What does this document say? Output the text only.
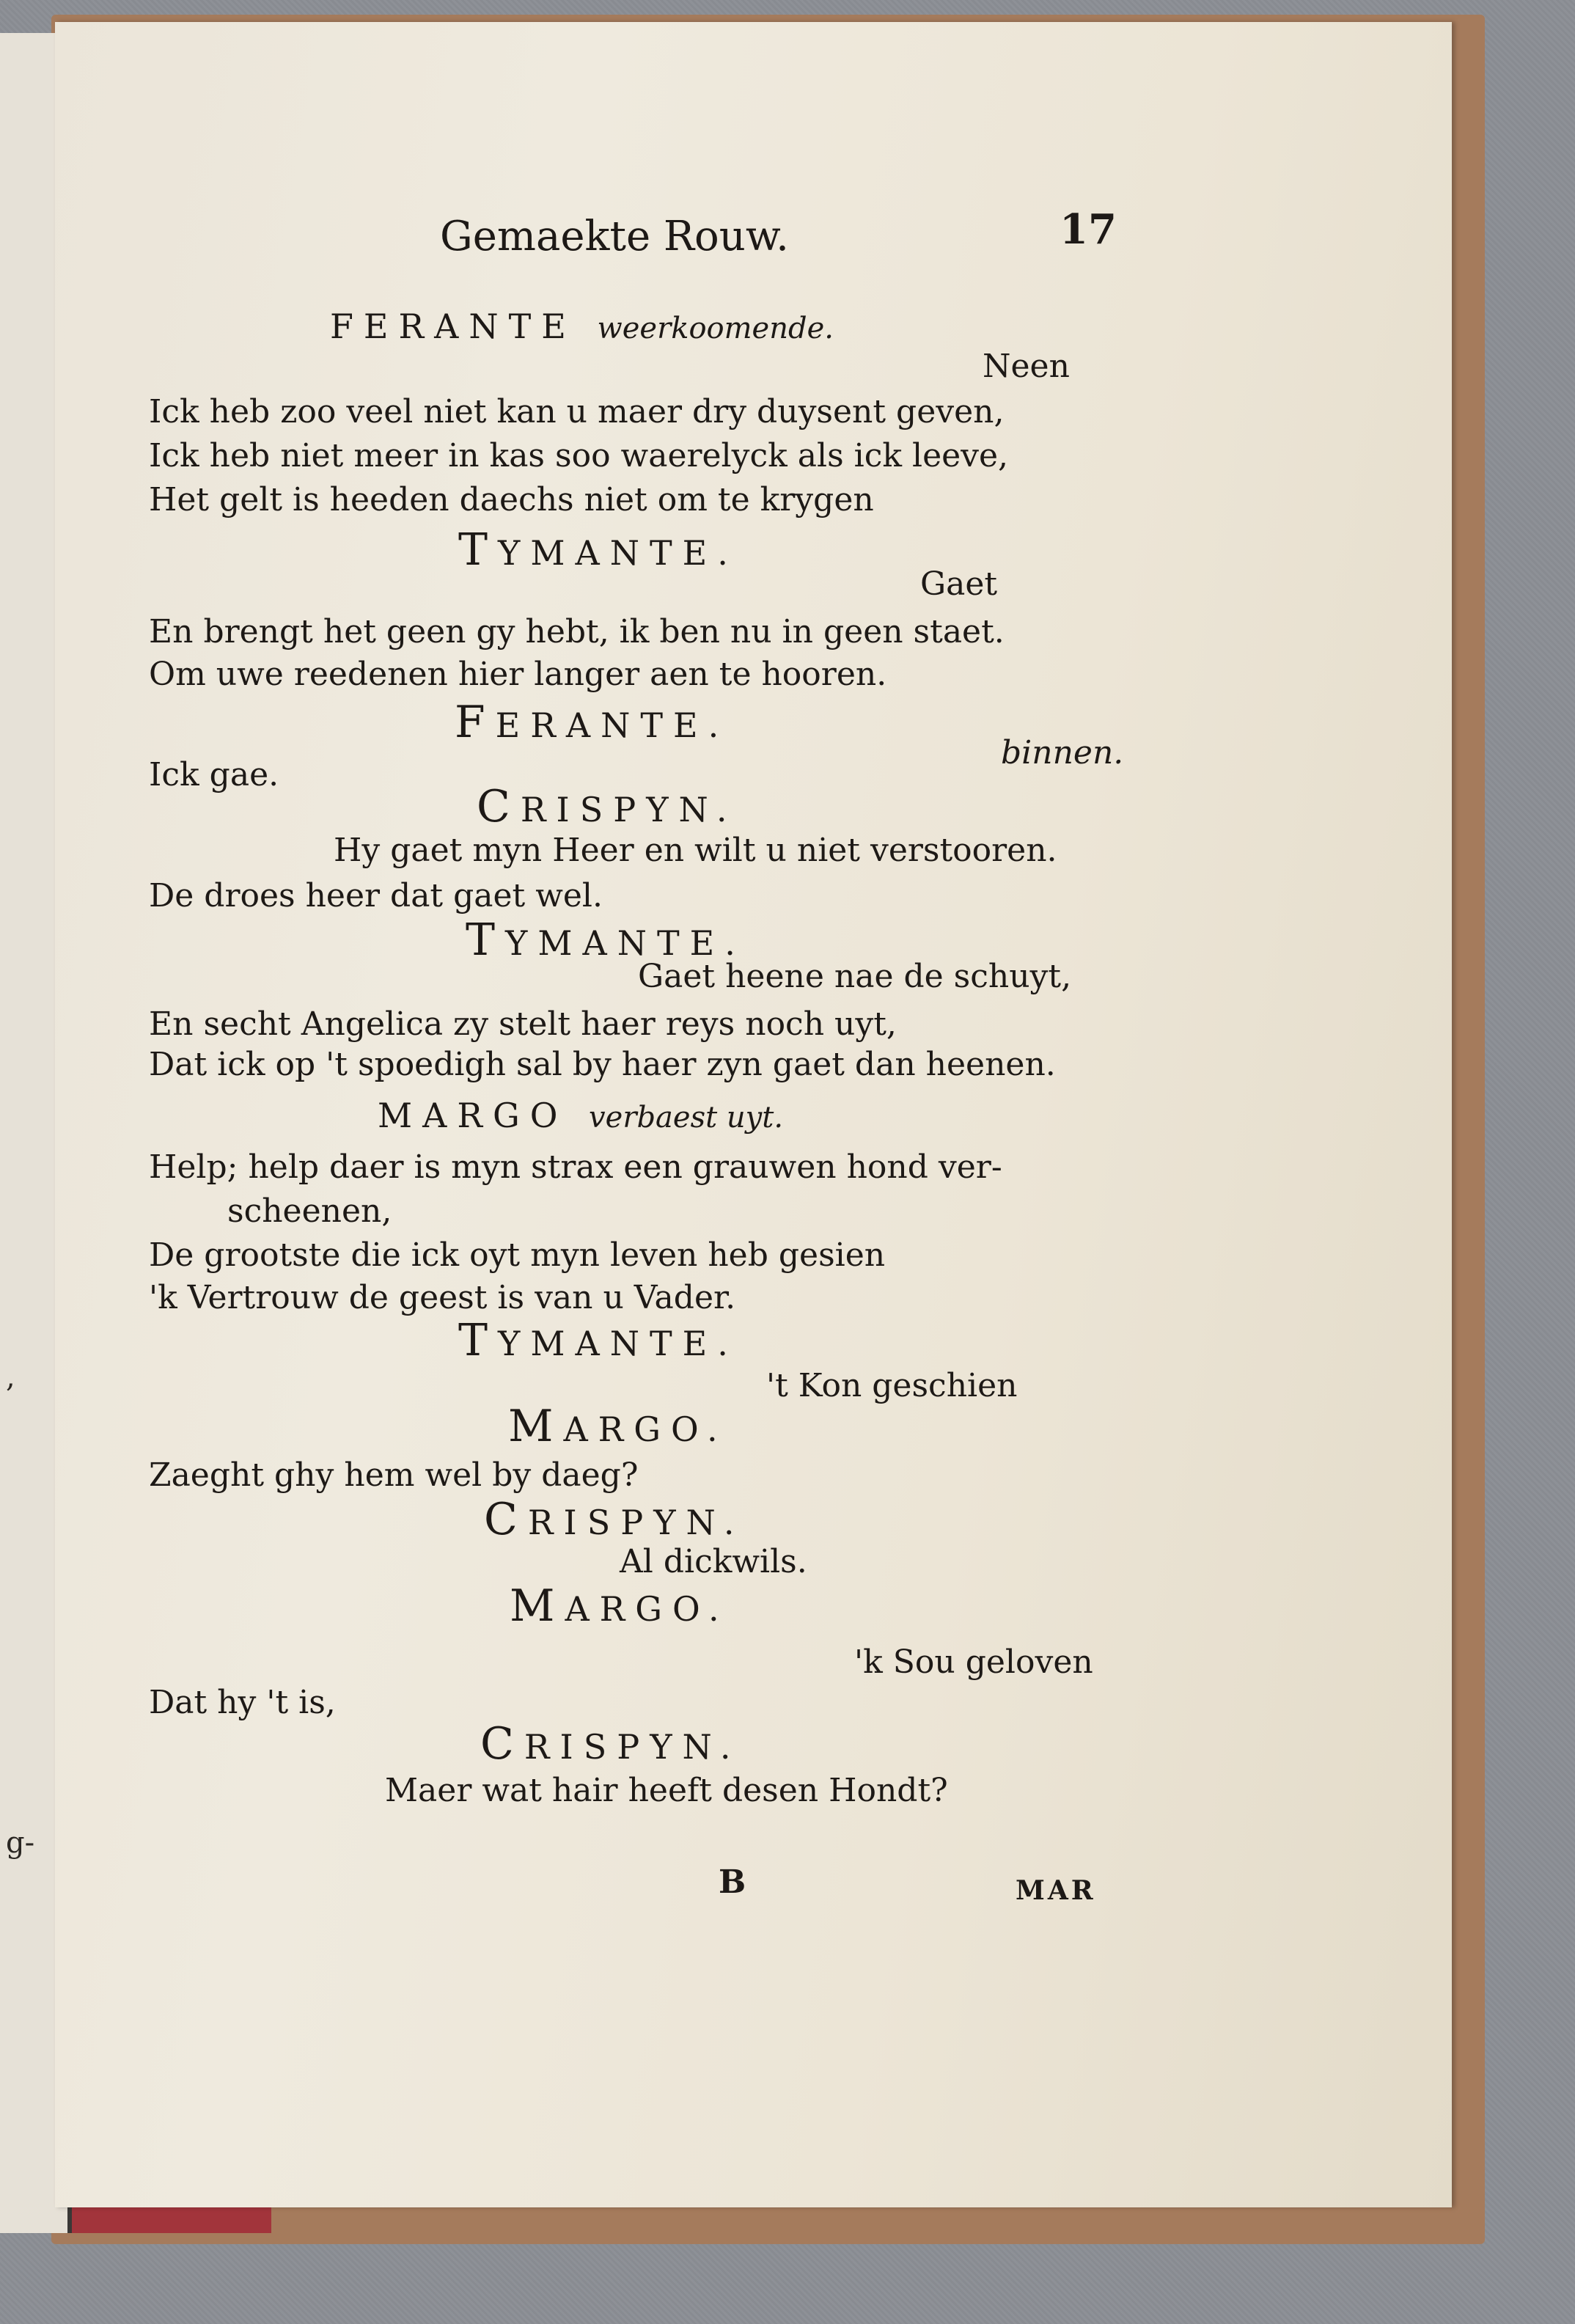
,
g-
Gemaekte Rouw.	17
FERANTE weerkoomende.
Neen
Ick heb zoo veel niet kan u maer dry duysent geven,
Ick heb niet meer in kas soo waerelyck als ick leeve,
Het gelt is heeden daechs niet om te krygen
TYMANTE.
Gaet
En brengt het geen gy hebt, ik ben nu in geen staet.
Om uwe reedenen hier langer aen te hooren.
FERANTE.
binnen.
Ick gae.
CRISPYN.
Hy gaet myn Heer en wilt u niet verstooren.
De droes heer dat gaet wel.
TYMANTE.
Gaet heene nae de schuyt,
En secht Angelica zy stelt haer reys noch uyt,
Dat ick op 't spoedigh sal by haer zyn gaet dan heenen.
MARGO verbaest uyt.
Help; help daer is myn strax een grauwen hond ver-
scheenen,
De grootste die ick oyt myn leven heb gesien
'k Vertrouw de geest is van u Vader.
TYMANTE.
't Kon geschien
MARGO.
Zaeght ghy hem wel by daeg?
CRISPYN.
Al dickwils.
MARGO.
'k Sou geloven
Dat hy 't is,
CRISPYN.
Maer wat hair heeft desen Hondt?
B	MAR
